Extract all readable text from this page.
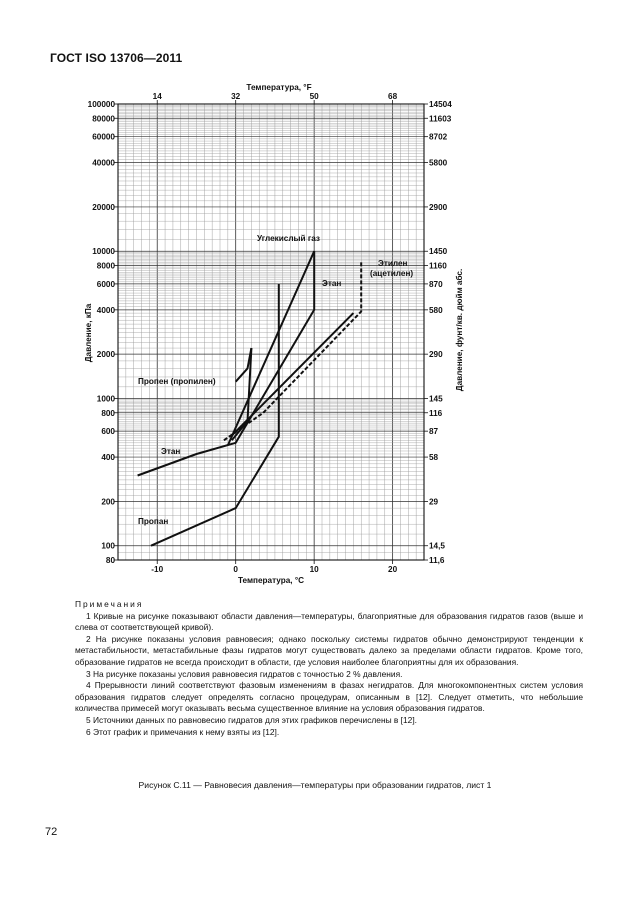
ГОСТ ISO 13706—2011
80
100
200
400
600
800
1000
2000
4000
6000
8000
10000
20000
40000
60000
80000
100000	14504
11603
8702
5800
2900
1450
1160
870
580
290
145
116
87
58
29
14,5
11,6
-10	0	10	20
14	32	50	68
Температура, °F
Температура, °C
Давление, кПа	Давление, фунт/кв. дюйм абс.
Углекислый газ
Этилен
(ацетилен)
Этан
Пропен (пропилен)
Этан
Пропан
Примечания
1 Кривые на рисунке показывают области давления—температуры, благоприятные для образования гидратов газов (выше и слева от соответствующей кривой).
2 На рисунке показаны условия равновесия; однако поскольку системы гидратов обычно демонстрируют тенденции к метастабильности, метастабильные фазы гидратов могут существовать далеко за пределами области гидратов. Кроме того, образование гидратов не всегда происходит в области, где условия наиболее благоприятны для их образования.
3 На рисунке показаны условия равновесия гидратов с точностью 2 % давления.
4 Прерывности линий соответствуют фазовым изменениям в фазах негидратов. Для многокомпонентных систем условия образования гидратов следует определять согласно процедурам, описанным в [12]. Следует отметить, что небольшие количества примесей могут оказывать весьма существенное влияние на условия образования гидратов.
5 Источники данных по равновесию гидратов для этих графиков перечислены в [12].
6 Этот график и примечания к нему взяты из [12].
Рисунок С.11 — Равновесия давления—температуры при образовании гидратов, лист 1
72
